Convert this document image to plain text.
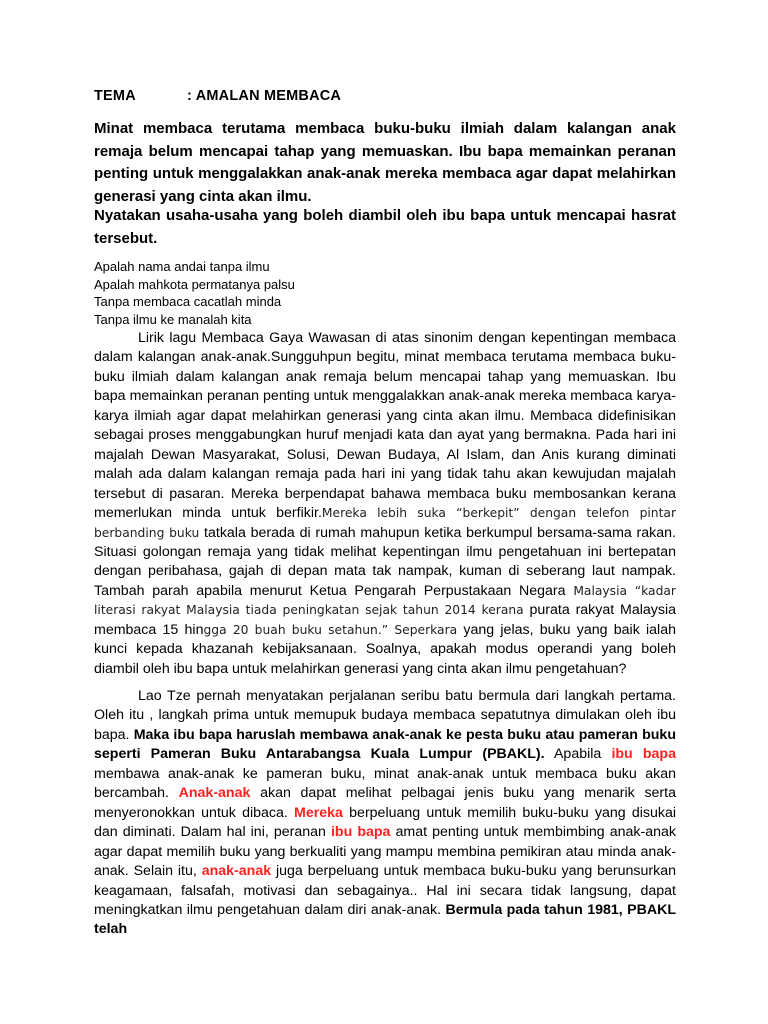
TEMA	: AMALAN MEMBACA

Minat membaca terutama membaca buku-buku ilmiah dalam kalangan anak remaja belum mencapai tahap yang memuaskan. Ibu bapa memainkan peranan penting untuk menggalakkan anak-anak mereka membaca agar dapat melahirkan generasi yang cinta akan ilmu.

Nyatakan usaha-usaha yang boleh diambil oleh ibu bapa untuk mencapai hasrat tersebut.

Apalah nama andai tanpa ilmu
Apalah mahkota permatanya palsu
Tanpa membaca cacatlah minda
Tanpa ilmu ke manalah kita

Lirik lagu Membaca Gaya Wawasan di atas sinonim dengan kepentingan membaca dalam kalangan anak-anak.Sungguhpun begitu, minat membaca terutama membaca buku-buku ilmiah dalam kalangan anak remaja belum mencapai tahap yang memuaskan. Ibu bapa memainkan peranan penting untuk menggalakkan anak-anak mereka membaca karya-karya ilmiah agar dapat melahirkan generasi yang cinta akan ilmu. Membaca didefinisikan sebagai proses menggabungkan huruf menjadi kata dan ayat yang bermakna. Pada hari ini majalah Dewan Masyarakat, Solusi, Dewan Budaya, Al Islam, dan Anis kurang diminati malah ada dalam kalangan remaja pada hari ini yang tidak tahu akan kewujudan majalah tersebut di pasaran. Mereka berpendapat bahawa membaca buku membosankan kerana memerlukan minda untuk berfikir.Mereka lebih suka “berkepit” dengan telefon pintar berbanding buku tatkala berada di rumah mahupun ketika berkumpul bersama-sama rakan. Situasi golongan remaja yang tidak melihat kepentingan ilmu pengetahuan ini bertepatan dengan peribahasa, gajah di depan mata tak nampak, kuman di seberang laut nampak. Tambah parah apabila menurut Ketua Pengarah Perpustakaan Negara Malaysia “kadar literasi rakyat Malaysia tiada peningkatan sejak tahun 2014 kerana purata rakyat Malaysia membaca 15 hingga 20 buah buku setahun.” Seperkara yang jelas, buku yang baik ialah kunci kepada khazanah kebijaksanaan. Soalnya, apakah modus operandi yang boleh diambil oleh ibu bapa untuk melahirkan generasi yang cinta akan ilmu pengetahuan?

Lao Tze pernah menyatakan perjalanan seribu batu bermula dari langkah pertama. Oleh itu , langkah prima untuk memupuk budaya membaca sepatutnya dimulakan oleh ibu bapa. Maka ibu bapa haruslah membawa anak-anak ke pesta buku atau pameran buku seperti Pameran Buku Antarabangsa Kuala Lumpur (PBAKL). Apabila ibu bapa membawa anak-anak ke pameran buku, minat anak-anak untuk membaca buku akan bercambah. Anak-anak akan dapat melihat pelbagai jenis buku yang menarik serta menyeronokkan untuk dibaca. Mereka berpeluang untuk memilih buku-buku yang disukai dan diminati. Dalam hal ini, peranan ibu bapa amat penting untuk membimbing anak-anak agar dapat memilih buku yang berkualiti yang mampu membina pemikiran atau minda anak-anak. Selain itu, anak-anak juga berpeluang untuk membaca buku-buku yang berunsurkan keagamaan, falsafah, motivasi dan sebagainya.. Hal ini secara tidak langsung, dapat meningkatkan ilmu pengetahuan dalam diri anak-anak. Bermula pada tahun 1981, PBAKL telah
